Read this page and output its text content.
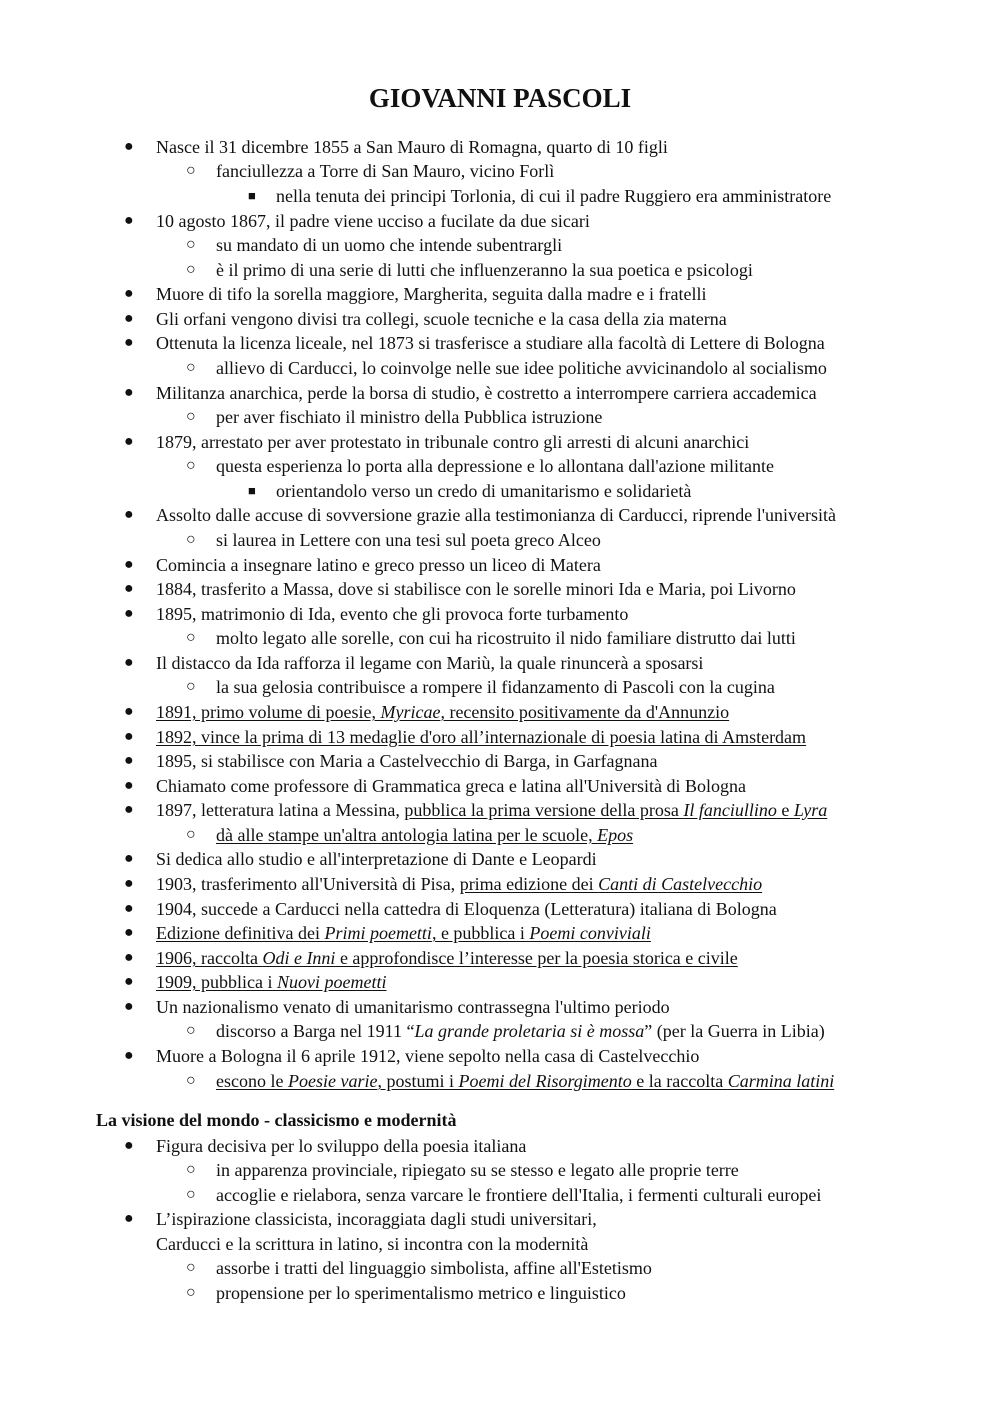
GIOVANNI PASCOLI
● Nasce il 31 dicembre 1855 a San Mauro di Romagna, quarto di 10 figli
○ fanciullezza a Torre di San Mauro, vicino Forlì
■ nella tenuta dei principi Torlonia, di cui il padre Ruggiero era amministratore
● 10 agosto 1867, il padre viene ucciso a fucilate da due sicari
○ su mandato di un uomo che intende subentrargli
○ è il primo di una serie di lutti che influenzeranno la sua poetica e psicologi
● Muore di tifo la sorella maggiore, Margherita, seguita dalla madre e i fratelli
● Gli orfani vengono divisi tra collegi, scuole tecniche e la casa della zia materna
● Ottenuta la licenza liceale, nel 1873 si trasferisce a studiare alla facoltà di Lettere di Bologna
○ allievo di Carducci, lo coinvolge nelle sue idee politiche avvicinandolo al socialismo
● Militanza anarchica, perde la borsa di studio, è costretto a interrompere carriera accademica
○ per aver fischiato il ministro della Pubblica istruzione
● 1879, arrestato per aver protestato in tribunale contro gli arresti di alcuni anarchici
○ questa esperienza lo porta alla depressione e lo allontana dall'azione militante
■ orientandolo verso un credo di umanitarismo e solidarietà
● Assolto dalle accuse di sovversione grazie alla testimonianza di Carducci, riprende l'università
○ si laurea in Lettere con una tesi sul poeta greco Alceo
● Comincia a insegnare latino e greco presso un liceo di Matera
● 1884, trasferito a Massa, dove si stabilisce con le sorelle minori Ida e Maria, poi Livorno
● 1895, matrimonio di Ida, evento che gli provoca forte turbamento
○ molto legato alle sorelle, con cui ha ricostruito il nido familiare distrutto dai lutti
● Il distacco da Ida rafforza il legame con Mariù, la quale rinuncerà a sposarsi
○ la sua gelosia contribuisce a rompere il fidanzamento di Pascoli con la cugina
● 1891, primo volume di poesie, Myricae, recensito positivamente da d'Annunzio
● 1892, vince la prima di 13 medaglie d'oro all’internazionale di poesia latina di Amsterdam
● 1895, si stabilisce con Maria a Castelvecchio di Barga, in Garfagnana
● Chiamato come professore di Grammatica greca e latina all'Università di Bologna
● 1897, letteratura latina a Messina, pubblica la prima versione della prosa Il fanciullino e Lyra
○ dà alle stampe un'altra antologia latina per le scuole, Epos
● Si dedica allo studio e all'interpretazione di Dante e Leopardi
● 1903, trasferimento all'Università di Pisa, prima edizione dei Canti di Castelvecchio
● 1904, succede a Carducci nella cattedra di Eloquenza (Letteratura) italiana di Bologna
● Edizione definitiva dei Primi poemetti, e pubblica i Poemi conviviali
● 1906, raccolta Odi e Inni e approfondisce l’interesse per la poesia storica e civile
● 1909, pubblica i Nuovi poemetti
● Un nazionalismo venato di umanitarismo contrassegna l'ultimo periodo
○ discorso a Barga nel 1911 “La grande proletaria si è mossa” (per la Guerra in Libia)
● Muore a Bologna il 6 aprile 1912, viene sepolto nella casa di Castelvecchio
○ escono le Poesie varie, postumi i Poemi del Risorgimento e la raccolta Carmina latini
La visione del mondo - classicismo e modernità
● Figura decisiva per lo sviluppo della poesia italiana
○ in apparenza provinciale, ripiegato su se stesso e legato alle proprie terre
○ accoglie e rielabora, senza varcare le frontiere dell'Italia, i fermenti culturali europei
● L’ispirazione classicista, incoraggiata dagli studi universitari,
Carducci e la scrittura in latino, si incontra con la modernità
○ assorbe i tratti del linguaggio simbolista, affine all'Estetismo
○ propensione per lo sperimentalismo metrico e linguistico
